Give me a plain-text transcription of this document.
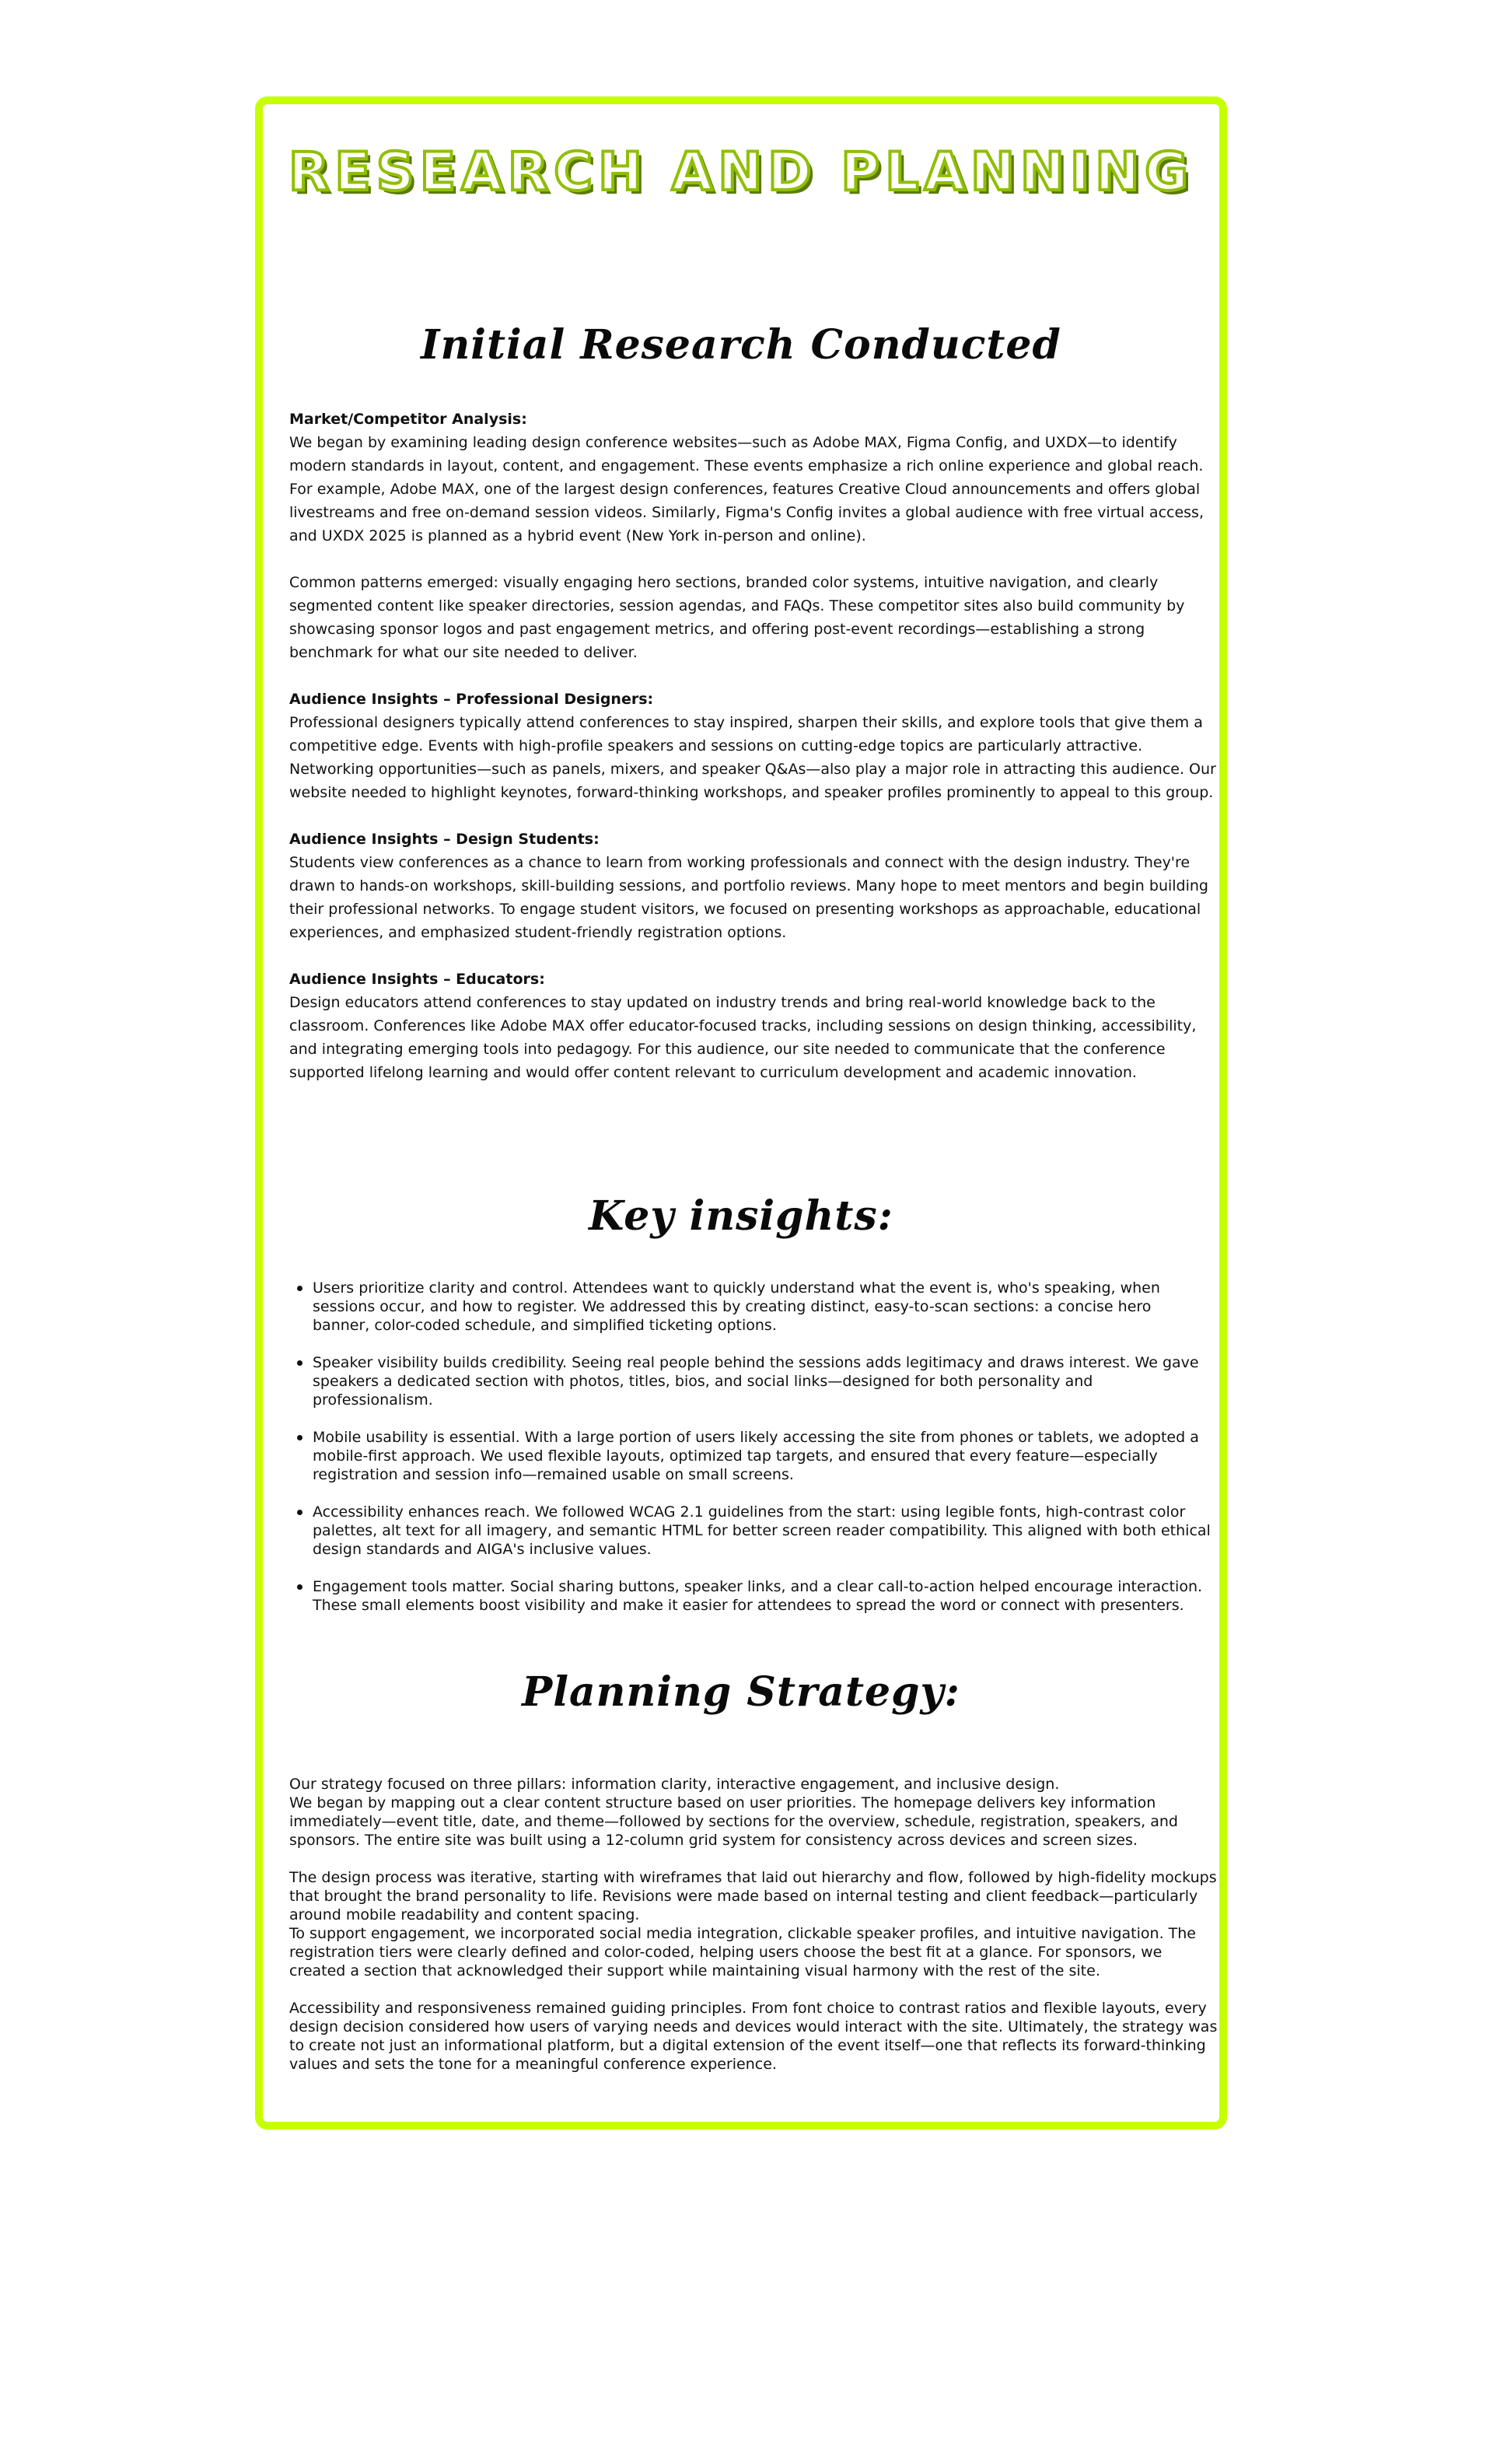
RESEARCH AND PLANNING
Initial Research Conducted
Market/Competitor Analysis:
We began by examining leading design conference websites—such as Adobe MAX, Figma Config, and UXDX—to identify modern standards in layout, content, and engagement. These events emphasize a rich online experience and global reach. For example, Adobe MAX, one of the largest design conferences, features Creative Cloud announcements and offers global livestreams and free on-demand session videos. Similarly, Figma's Config invites a global audience with free virtual access, and UXDX 2025 is planned as a hybrid event (New York in-person and online).
Common patterns emerged: visually engaging hero sections, branded color systems, intuitive navigation, and clearly segmented content like speaker directories, session agendas, and FAQs. These competitor sites also build community by showcasing sponsor logos and past engagement metrics, and offering post-event recordings—establishing a strong benchmark for what our site needed to deliver.
Audience Insights – Professional Designers:
Professional designers typically attend conferences to stay inspired, sharpen their skills, and explore tools that give them a competitive edge. Events with high-profile speakers and sessions on cutting-edge topics are particularly attractive. Networking opportunities—such as panels, mixers, and speaker Q&As—also play a major role in attracting this audience. Our website needed to highlight keynotes, forward-thinking workshops, and speaker profiles prominently to appeal to this group.
Audience Insights – Design Students:
Students view conferences as a chance to learn from working professionals and connect with the design industry. They're drawn to hands-on workshops, skill-building sessions, and portfolio reviews. Many hope to meet mentors and begin building their professional networks. To engage student visitors, we focused on presenting workshops as approachable, educational experiences, and emphasized student-friendly registration options.
Audience Insights – Educators:
Design educators attend conferences to stay updated on industry trends and bring real-world knowledge back to the classroom. Conferences like Adobe MAX offer educator-focused tracks, including sessions on design thinking, accessibility, and integrating emerging tools into pedagogy. For this audience, our site needed to communicate that the conference supported lifelong learning and would offer content relevant to curriculum development and academic innovation.
Key insights:
Users prioritize clarity and control. Attendees want to quickly understand what the event is, who's speaking, when sessions occur, and how to register. We addressed this by creating distinct, easy-to-scan sections: a concise hero banner, color-coded schedule, and simplified ticketing options.
Speaker visibility builds credibility. Seeing real people behind the sessions adds legitimacy and draws interest. We gave speakers a dedicated section with photos, titles, bios, and social links—designed for both personality and professionalism.
Mobile usability is essential. With a large portion of users likely accessing the site from phones or tablets, we adopted a mobile-first approach. We used flexible layouts, optimized tap targets, and ensured that every feature—especially registration and session info—remained usable on small screens.
Accessibility enhances reach. We followed WCAG 2.1 guidelines from the start: using legible fonts, high-contrast color palettes, alt text for all imagery, and semantic HTML for better screen reader compatibility. This aligned with both ethical design standards and AIGA's inclusive values.
Engagement tools matter. Social sharing buttons, speaker links, and a clear call-to-action helped encourage interaction. These small elements boost visibility and make it easier for attendees to spread the word or connect with presenters.
Planning Strategy:

Our strategy focused on three pillars: information clarity, interactive engagement, and inclusive design.
We began by mapping out a clear content structure based on user priorities. The homepage delivers key information immediately—event title, date, and theme—followed by sections for the overview, schedule, registration, speakers, and sponsors. The entire site was built using a 12-column grid system for consistency across devices and screen sizes.

The design process was iterative, starting with wireframes that laid out hierarchy and flow, followed by high-fidelity mockups that brought the brand personality to life. Revisions were made based on internal testing and client feedback—particularly around mobile readability and content spacing.
To support engagement, we incorporated social media integration, clickable speaker profiles, and intuitive navigation. The registration tiers were clearly defined and color-coded, helping users choose the best fit at a glance. For sponsors, we created a section that acknowledged their support while maintaining visual harmony with the rest of the site.

Accessibility and responsiveness remained guiding principles. From font choice to contrast ratios and flexible layouts, every design decision considered how users of varying needs and devices would interact with the site. Ultimately, the strategy was to create not just an informational platform, but a digital extension of the event itself—one that reflects its forward-thinking values and sets the tone for a meaningful conference experience.
